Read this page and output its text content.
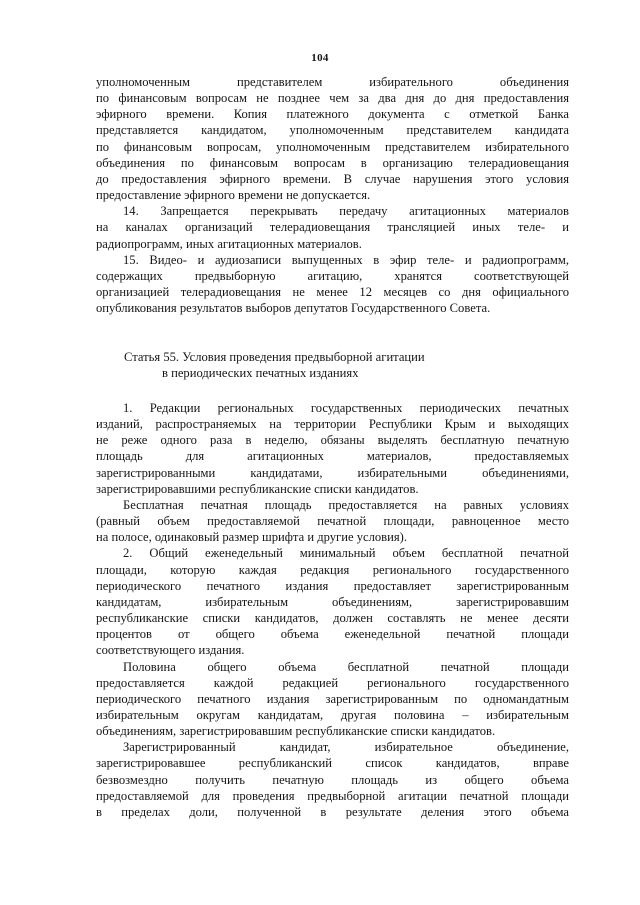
104
уполномоченным представителем избирательного объединения
по финансовым вопросам не позднее чем за два дня до дня предоставления
эфирного времени. Копия платежного документа с отметкой Банка
представляется кандидатом, уполномоченным представителем кандидата
по финансовым вопросам, уполномоченным представителем избирательного
объединения по финансовым вопросам в организацию телерадиовещания
до предоставления эфирного времени. В случае нарушения этого условия
предоставление эфирного времени не допускается.
14. Запрещается перекрывать передачу агитационных материалов
на каналах организаций телерадиовещания трансляцией иных теле- и
радиопрограмм, иных агитационных материалов.
15. Видео- и аудиозаписи выпущенных в эфир теле- и радиопрограмм,
содержащих предвыборную агитацию, хранятся соответствующей
организацией телерадиовещания не менее 12 месяцев со дня официального
опубликования результатов выборов депутатов Государственного Совета.
Статья 55. Условия проведения предвыборной агитации
в периодических печатных изданиях
1. Редакции региональных государственных периодических печатных
изданий, распространяемых на территории Республики Крым и выходящих
не реже одного раза в неделю, обязаны выделять бесплатную печатную
площадь для агитационных материалов, предоставляемых
зарегистрированными кандидатами, избирательными объединениями,
зарегистрировавшими республиканские списки кандидатов.
Бесплатная печатная площадь предоставляется на равных условиях
(равный объем предоставляемой печатной площади, равноценное место
на полосе, одинаковый размер шрифта и другие условия).
2. Общий еженедельный минимальный объем бесплатной печатной
площади, которую каждая редакция регионального государственного
периодического печатного издания предоставляет зарегистрированным
кандидатам, избирательным объединениям, зарегистрировавшим
республиканские списки кандидатов, должен составлять не менее десяти
процентов от общего объема еженедельной печатной площади
соответствующего издания.
Половина общего объема бесплатной печатной площади
предоставляется каждой редакцией регионального государственного
периодического печатного издания зарегистрированным по одномандатным
избирательным округам кандидатам, другая половина – избирательным
объединениям, зарегистрировавшим республиканские списки кандидатов.
Зарегистрированный кандидат, избирательное объединение,
зарегистрировавшее республиканский список кандидатов, вправе
безвозмездно получить печатную площадь из общего объема
предоставляемой для проведения предвыборной агитации печатной площади
в пределах доли, полученной в результате деления этого объема
